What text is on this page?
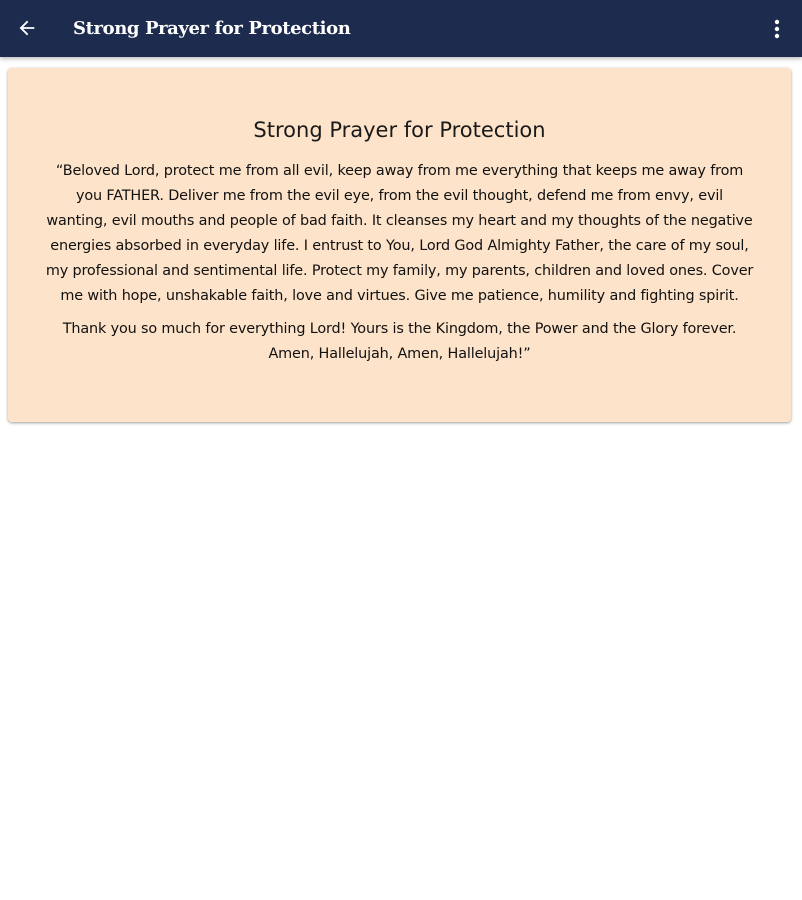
Strong Prayer for Protection
Strong Prayer for Protection

“Beloved Lord, protect me from all evil, keep away from me everything that keeps me away from you FATHER. Deliver me from the evil eye, from the evil thought, defend me from envy, evil wanting, evil mouths and people of bad faith. It cleanses my heart and my thoughts of the negative energies absorbed in everyday life. I entrust to You, Lord God Almighty Father, the care of my soul, my professional and sentimental life. Protect my family, my parents, children and loved ones. Cover me with hope, unshakable faith, love and virtues. Give me patience, humility and fighting spirit.

Thank you so much for everything Lord! Yours is the Kingdom, the Power and the Glory forever. Amen, Hallelujah, Amen, Hallelujah!”
